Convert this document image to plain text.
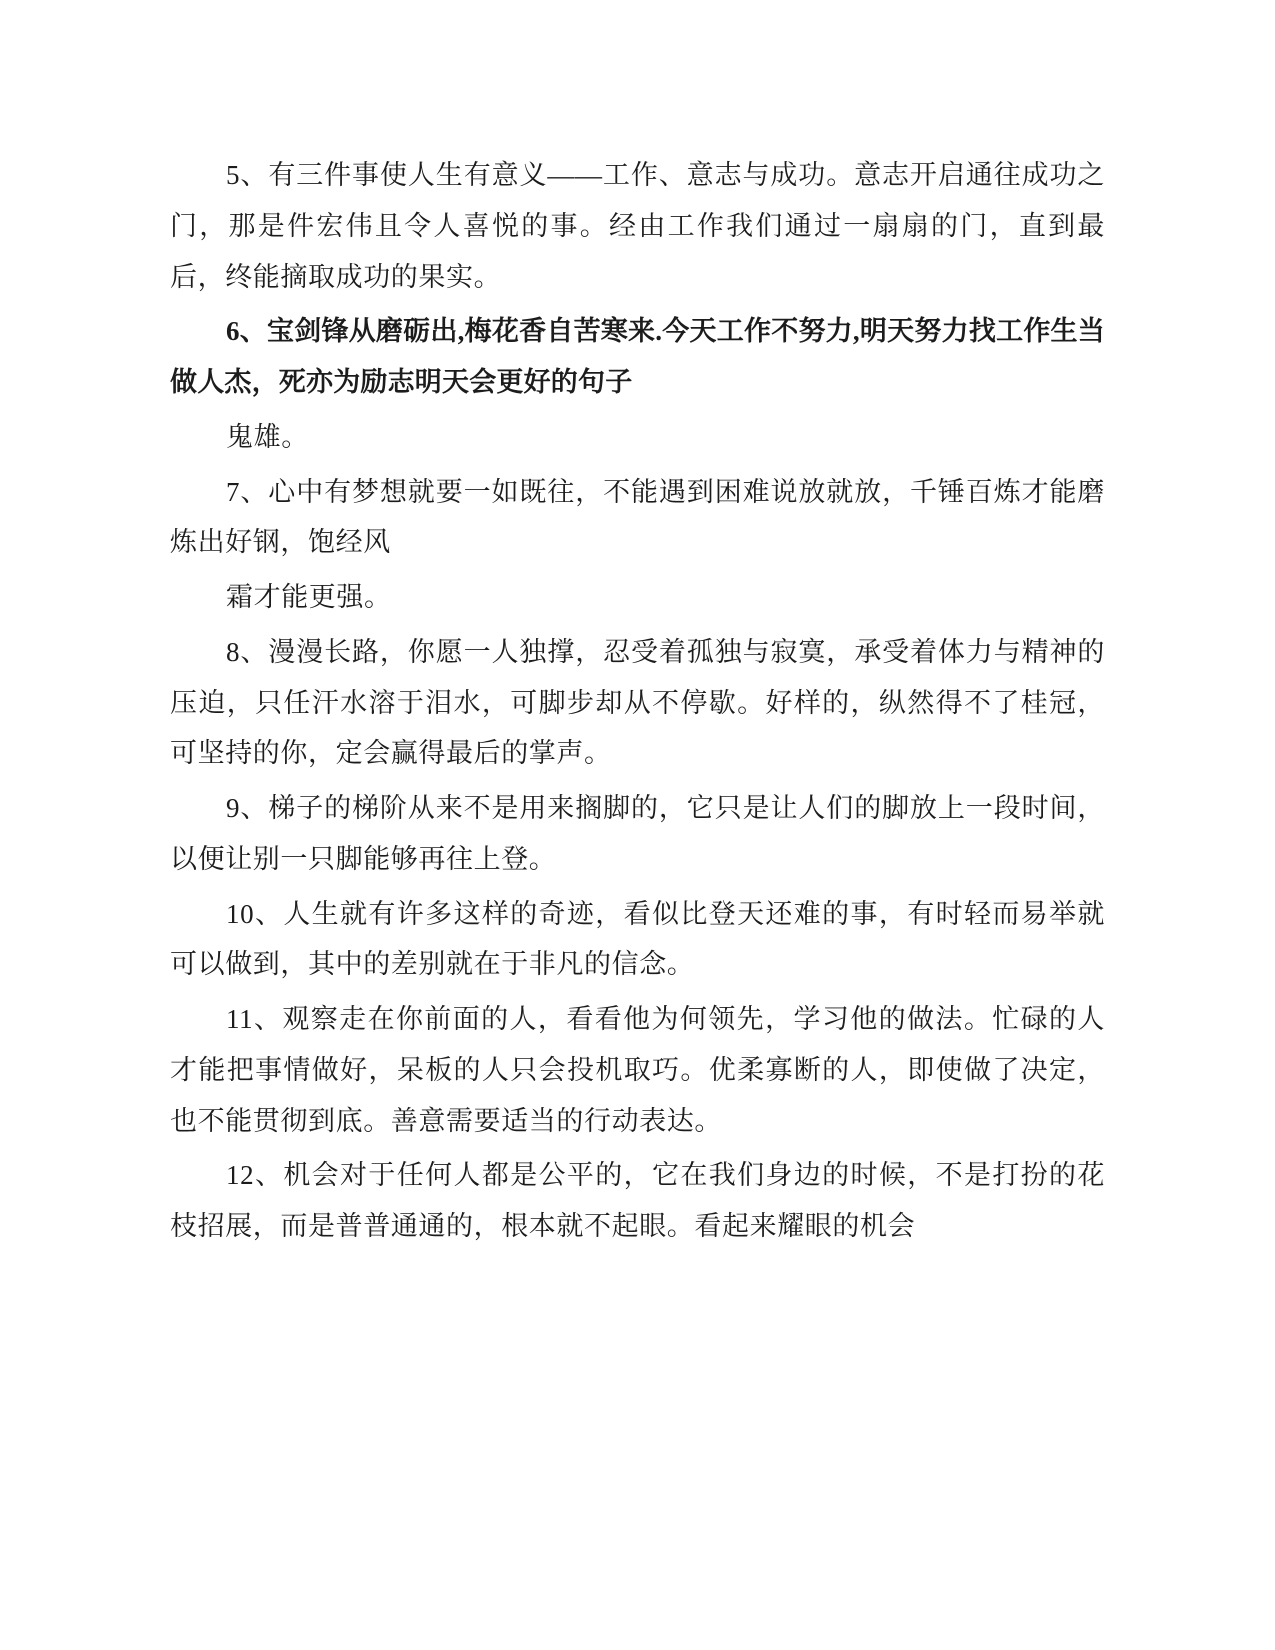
5、有三件事使人生有意义——工作、意志与成功。意志开启通往成功之门，那是件宏伟且令人喜悦的事。经由工作我们通过一扇扇的门，直到最后，终能摘取成功的果实。

6、宝剑锋从磨砺出,梅花香自苦寒来.今天工作不努力,明天努力找工作生当做人杰，死亦为励志明天会更好的句子

鬼雄。

7、心中有梦想就要一如既往，不能遇到困难说放就放，千锤百炼才能磨炼出好钢，饱经风

霜才能更强。

8、漫漫长路，你愿一人独撑，忍受着孤独与寂寞，承受着体力与精神的压迫，只任汗水溶于泪水，可脚步却从不停歇。好样的，纵然得不了桂冠，可坚持的你，定会赢得最后的掌声。

9、梯子的梯阶从来不是用来搁脚的，它只是让人们的脚放上一段时间，以便让别一只脚能够再往上登。

10、人生就有许多这样的奇迹，看似比登天还难的事，有时轻而易举就可以做到，其中的差别就在于非凡的信念。

11、观察走在你前面的人，看看他为何领先，学习他的做法。忙碌的人才能把事情做好，呆板的人只会投机取巧。优柔寡断的人，即使做了决定，也不能贯彻到底。善意需要适当的行动表达。

12、机会对于任何人都是公平的，它在我们身边的时候，不是打扮的花枝招展，而是普普通通的，根本就不起眼。看起来耀眼的机会
